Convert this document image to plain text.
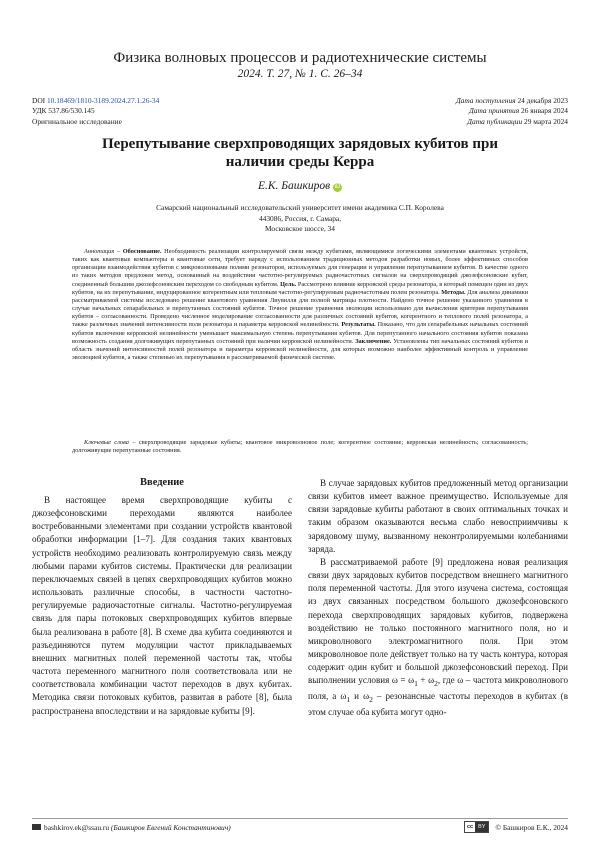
Физика волновых процессов и радиотехнические системы
2024. Т. 27, № 1. С. 26–34
DOI 10.18469/1810-3189.2024.27.1.26-34
УДК 537.86/530.145
Оригинальное исследование
Дата поступления 24 декабря 2023
Дата принятия 26 января 2024
Дата публикации 29 марта 2024
Перепутывание сверхпроводящих зарядовых кубитов при наличии среды Керра
Е.К. Башкиров iD
Самарский национальный исследовательский университет имени академика С.П. Королева
443086, Россия, г. Самара,
Московское шоссе, 34

Аннотация – Обоснование. Необходимость реализации контролируемой связи между кубитами, являющимися логическими элементами квантовых устройств, таких как квантовые компьютеры и квантовые сети, требует наряду с использованием традиционных методов разработки новых, более эффективных способов организации взаимодействия кубитов с микроволновыми полями резонаторов, используемых для генерации и управления перепутыванием кубитов. В качестве одного из таких методов предложен метод, основанный на воздействии частотно-регулируемых радиочастотных сигналов на сверхпроводящий джозефсоновские кубит, соединенный большим джозефсоновским переходом со свободным кубитом. Цель. Рассмотрено влияние керровской среды резонатора, в который помещен один из двух кубитов, на их перепутывание, индуцированное когерентным или тепловым частотно-регулируемым радиочастотным полем резонатора. Методы. Для анализа динамики рассматриваемой системы исследовано решение квантового уравнения Лиувилля для полной матрицы плотности. Найдено точное решение указанного уравнения в случае начальных сепарабельных и перепутанных состояний кубитов. Точное решение уравнения эволюции использовано для вычисления критерия перепутывания кубитов – согласованности. Проведено численное моделирование согласованности для различных состояний кубитов, когерентного и теплового полей резонатора, а также различных значений интенсивности поля резонатора и параметра керровской нелинейности. Результаты. Показано, что для сепарабельных начальных состояний кубитов включение керровской нелинейности уменьшает максимальную степень перепутывания кубитов. Для перепутанного начального состояния кубитов показана возможность создания долгоживущих перепутанных состояний при наличии керровской нелинейности. Заключение. Установлены тип начальных состояний кубитов и область значений интенсивностей полей резонатора и параметра керровской нелинейности, для которых возможно наиболее эффективный контроль и управление эволюцией кубитов, а также степенью их перепутывания в рассматриваемой физической системе.

Ключевые слова – сверхпроводящие зарядовые кубиты; квантовое микроволновое поле; когерентное состояние; керровская нелинейность; согласованность; долгоживущие перепутанные состояния.

Введение

В настоящее время сверхпроводящие кубиты с джозефсоновскими переходами являются наиболее востребованными элементами при создании устройств квантовой обработки информации [1–7]. Для создания таких квантовых устройств необходимо реализовать контролируемую связь между любыми парами кубитов системы. Практически для реализации переключаемых связей в цепях сверхпроводящих кубитов можно использовать различные способы, в частности частотно-регулируемые радиочастотные сигналы. Частотно-регулируемая связь для пары потоковых сверхпроводящих кубитов впервые была реализована в работе [8]. В схеме два кубита соединяются и разъединяются путем модуляции частот прикладываемых внешних магнитных полей переменной частоты так, чтобы частота переменного магнитного поля соответствовала или не соответствовала комбинации частот переходов в двух кубитах. Методика связи потоковых кубитов, развитая в работе [8], была распространена впоследствии и на зарядовые кубиты [9].

В случае зарядовых кубитов предложенный метод организации связи кубитов имеет важное преимущество. Используемые для связи зарядовые кубиты работают в своих оптимальных точках и таким образом оказываются весьма слабо невосприимчивы к зарядовому шуму, вызванному неконтролируемыми колебаниями заряда.

В рассматриваемой работе [9] предложена новая реализация связи двух зарядовых кубитов посредством внешнего магнитного поля переменной частоты. Для этого изучена система, состоящая из двух связанных посредством большого джозефсоновского перехода сверхпроводящих зарядовых кубитов, подвержена воздействию не только постоянного магнитного поля, но и микроволнового электромагнитного поля. При этом микроволновое поле действует только на ту часть контура, которая содержит один кубит и большой джозефсоновский переход. При выполнении условия $\omega = \omega_1 + \omega_2$, где ω – частота микроволнового поля, а $\omega_1$ и $\omega_2$ – резонансные частоты переходов в кубитах (в этом случае оба кубита могут одно-

bashkirov.ek@ssau.ru (Башкиров Евгений Константинович)	cc BY	© Башкиров Е.К., 2024
